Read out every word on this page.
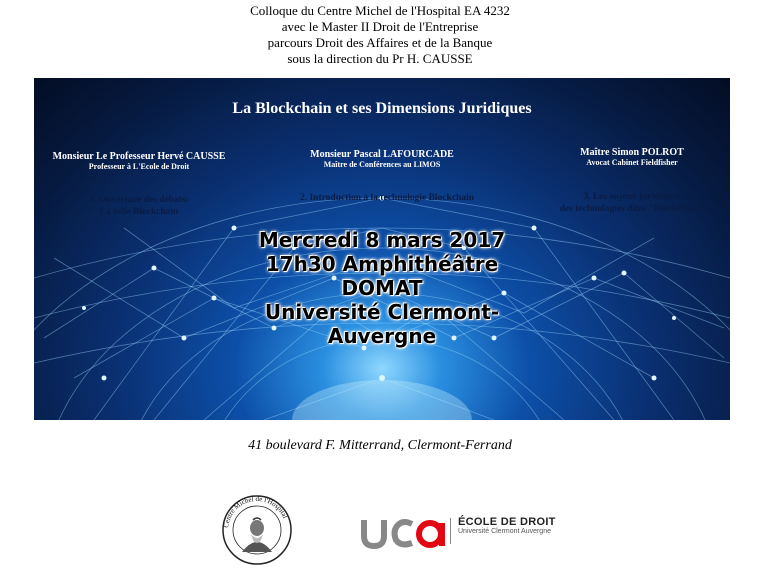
Colloque du Centre Michel de l'Hospital EA 4232
avec le Master II Droit de l'Entreprise
parcours Droit des Affaires et de la Banque
sous la direction du Pr H. CAUSSE
La Blockchain et ses Dimensions Juridiques
Monsieur Le Professeur Hervé CAUSSE
Professeur à L'Ecole de Droit
Monsieur Pascal LAFOURCADE
Maître de Conférences au LIMOS
Maître Simon POLROT
Avocat Cabinet Fieldfisher
1. Ouverture des débats:
La folie Blockchain
2. Introduction à la technologie Blockchain	3. Les enjeux juridiques
des technologies dites "Blockchain"
Mercredi 8 mars 2017
17h30 Amphithéâtre
DOMAT
Université Clermont-
Auvergne
41 boulevard F. Mitterrand, Clermont-Ferrand
Centre Michel de l'Hospital	ÉCOLE DE DROIT
Université Clermont Auvergne
